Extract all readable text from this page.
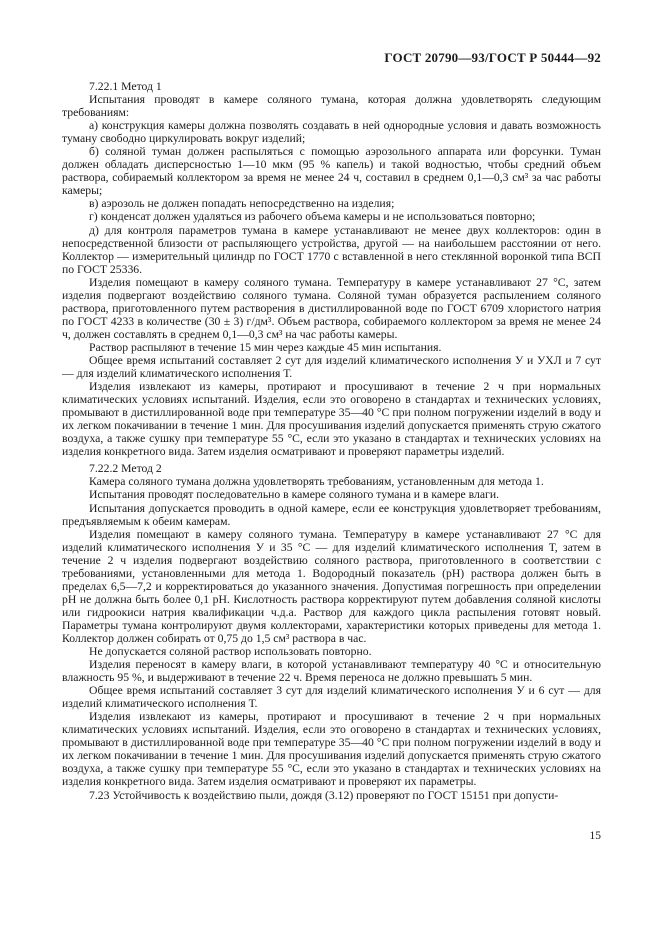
ГОСТ 20790—93/ГОСТ Р 50444—92

7.22.1 Метод 1

Испытания проводят в камере соляного тумана, которая должна удовлетворять следующим требованиям:

а) конструкция камеры должна позволять создавать в ней однородные условия и давать возможность туману свободно циркулировать вокруг изделий;

б) соляной туман должен распыляться с помощью аэрозольного аппарата или форсунки. Туман должен обладать дисперсностью 1—10 мкм (95 % капель) и такой водностью, чтобы средний объем раствора, собираемый коллектором за время не менее 24 ч, составил в среднем 0,1—0,3 см³ за час работы камеры;

в) аэрозоль не должен попадать непосредственно на изделия;

г) конденсат должен удаляться из рабочего объема камеры и не использоваться повторно;

д) для контроля параметров тумана в камере устанавливают не менее двух коллекторов: один в непосредственной близости от распыляющего устройства, другой — на наибольшем расстоянии от него. Коллектор — измерительный цилиндр по ГОСТ 1770 с вставленной в него стеклянной воронкой типа ВСП по ГОСТ 25336.

Изделия помещают в камеру соляного тумана. Температуру в камере устанавливают 27 °С, затем изделия подвергают воздействию соляного тумана. Соляной туман образуется распылением соляного раствора, приготовленного путем растворения в дистиллированной воде по ГОСТ 6709 хлористого натрия по ГОСТ 4233 в количестве (30 ± 3) г/дм³. Объем раствора, собираемого коллектором за время не менее 24 ч, должен составлять в среднем 0,1—0,3 см³ на час работы камеры.

Раствор распыляют в течение 15 мин через каждые 45 мин испытания.

Общее время испытаний составляет 2 сут для изделий климатического исполнения У и УХЛ и 7 сут — для изделий климатического исполнения Т.

Изделия извлекают из камеры, протирают и просушивают в течение 2 ч при нормальных климатических условиях испытаний. Изделия, если это оговорено в стандартах и технических условиях, промывают в дистиллированной воде при температуре 35—40 °С при полном погружении изделий в воду и их легком покачивании в течение 1 мин. Для просушивания изделий допускается применять струю сжатого воздуха, а также сушку при температуре 55 °С, если это указано в стандартах и технических условиях на изделия конкретного вида. Затем изделия осматривают и проверяют параметры изделий.

7.22.2 Метод 2

Камера соляного тумана должна удовлетворять требованиям, установленным для метода 1.

Испытания проводят последовательно в камере соляного тумана и в камере влаги.

Испытания допускается проводить в одной камере, если ее конструкция удовлетворяет требованиям, предъявляемым к обеим камерам.

Изделия помещают в камеру соляного тумана. Температуру в камере устанавливают 27 °С для изделий климатического исполнения У и 35 °С — для изделий климатического исполнения Т, затем в течение 2 ч изделия подвергают воздействию соляного раствора, приготовленного в соответствии с требованиями, установленными для метода 1. Водородный показатель (рН) раствора должен быть в пределах 6,5—7,2 и корректироваться до указанного значения. Допустимая погрешность при определении рН не должна быть более 0,1 рН. Кислотность раствора корректируют путем добавления соляной кислоты или гидроокиси натрия квалификации ч.д.а. Раствор для каждого цикла распыления готовят новый. Параметры тумана контролируют двумя коллекторами, характеристики которых приведены для метода 1. Коллектор должен собирать от 0,75 до 1,5 см³ раствора в час.

Не допускается соляной раствор использовать повторно.

Изделия переносят в камеру влаги, в которой устанавливают температуру 40 °С и относительную влажность 95 %, и выдерживают в течение 22 ч. Время переноса не должно превышать 5 мин.

Общее время испытаний составляет 3 сут для изделий климатического исполнения У и 6 сут — для изделий климатического исполнения Т.

Изделия извлекают из камеры, протирают и просушивают в течение 2 ч при нормальных климатических условиях испытаний. Изделия, если это оговорено в стандартах и технических условиях, промывают в дистиллированной воде при температуре 35—40 °С при полном погружении изделий в воду и их легком покачивании в течение 1 мин. Для просушивания изделий допускается применять струю сжатого воздуха, а также сушку при температуре 55 °С, если это указано в стандартах и технических условиях на изделия конкретного вида. Затем изделия осматривают и проверяют их параметры.

7.23 Устойчивость к воздействию пыли, дождя (3.12) проверяют по ГОСТ 15151 при допусти-

15
